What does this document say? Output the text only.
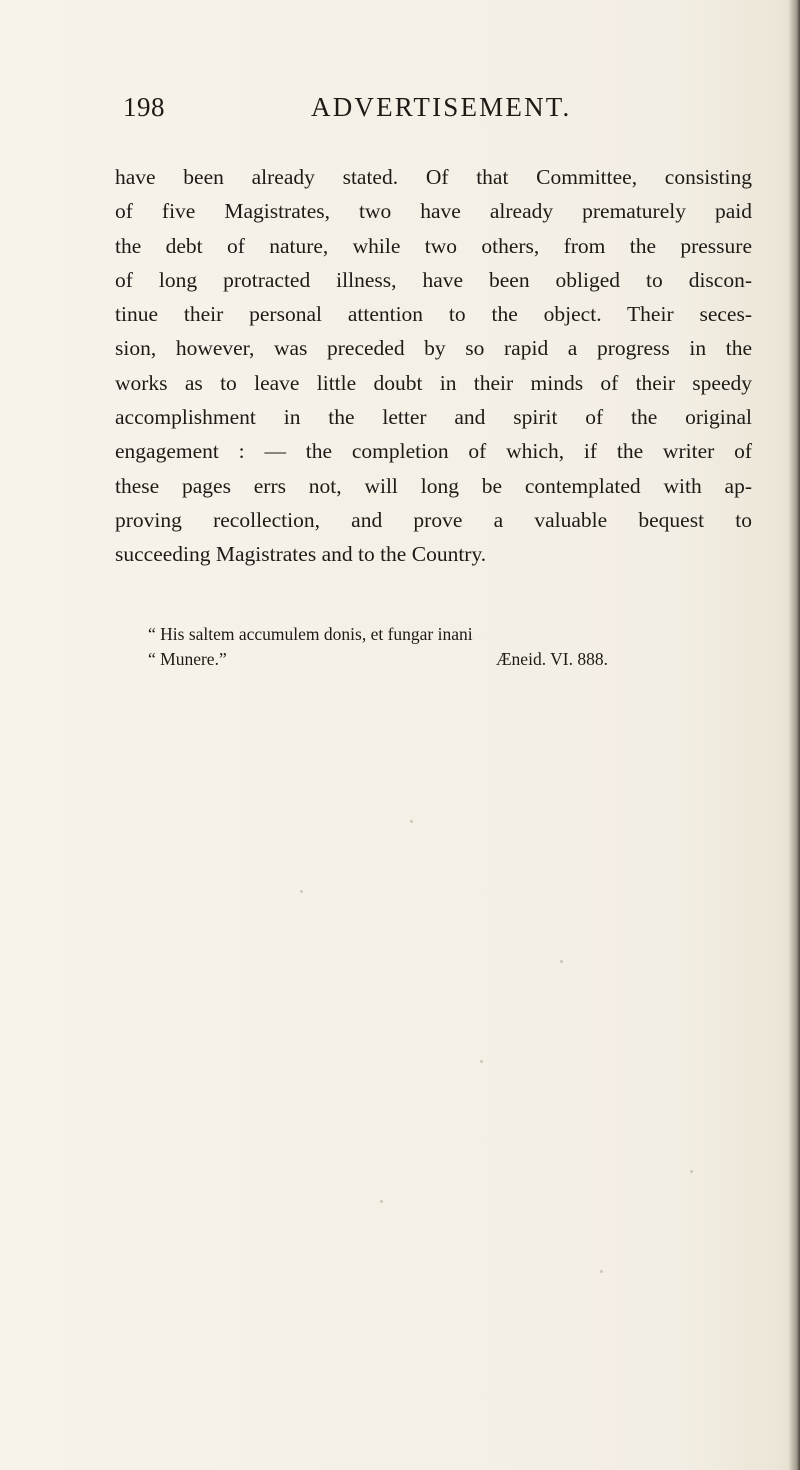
198	ADVERTISEMENT.
have been already stated. Of that Committee, consisting
of five Magistrates, two have already prematurely paid
the debt of nature, while two others, from the pressure
of long protracted illness, have been obliged to discon-
tinue their personal attention to the object. Their seces-
sion, however, was preceded by so rapid a progress in the
works as to leave little doubt in their minds of their speedy
accomplishment in the letter and spirit of the original
engagement : — the completion of which, if the writer of
these pages errs not, will long be contemplated with ap-
proving recollection, and prove a valuable bequest to
succeeding Magistrates and to the Country.
“ His saltem accumulem donis, et fungar inani
“ Munere.”	Æneid. VI. 888.
